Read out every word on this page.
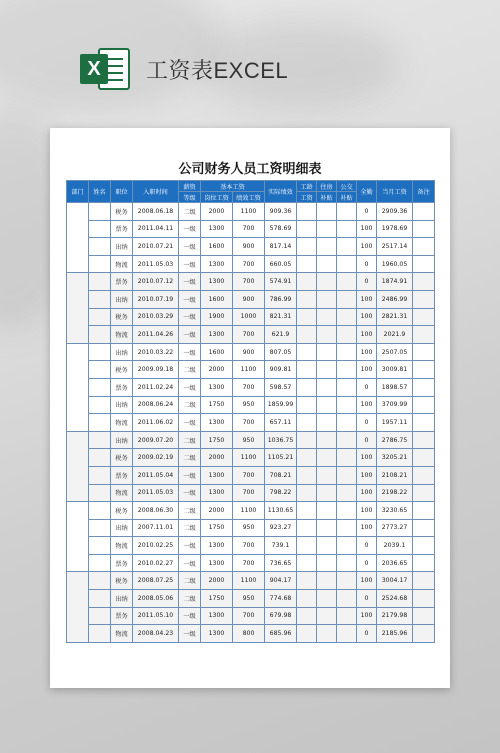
X	工资表EXCEL
公司财务人员工资明细表
部门	姓名	职位	入职时间	薪资	基本工资		实际绩效	工龄	住房	公交	全勤	当月工资	备注
				等级	岗位工资	绩效工资		工资	补贴	补贴			
		税务	2008.06.18	二级	2000	1100	909.36				0	2909.36	
		票务	2011.04.11	一级	1300	700	578.69				100	1978.69	
		出纳	2010.07.21	一级	1600	900	817.14				100	2517.14	
		物流	2011.05.03	一级	1300	700	660.05				0	1960.05	
		票务	2010.07.12	一级	1300	700	574.91				0	1874.91	
		出纳	2010.07.19	一级	1600	900	786.99				100	2486.99	
		税务	2010.03.29	一级	1900	1000	821.31				100	2821.31	
		物流	2011.04.26	一级	1300	700	621.9				100	2021.9	
		出纳	2010.03.22	一级	1600	900	807.05				100	2507.05	
		税务	2009.09.18	二级	2000	1100	909.81				100	3009.81	
		票务	2011.02.24	一级	1300	700	598.57				0	1898.57	
		出纳	2008.06.24	二级	1750	950	1859.99				100	3709.99	
		物流	2011.06.02	一级	1300	700	657.11				0	1957.11	
		出纳	2009.07.20	二级	1750	950	1036.75				0	2786.75	
		税务	2009.02.19	二级	2000	1100	1105.21				100	3205.21	
		票务	2011.05.04	一级	1300	700	708.21				100	2108.21	
		物流	2011.05.03	一级	1300	700	798.22				100	2198.22	
		税务	2008.06.30	二级	2000	1100	1130.65				100	3230.65	
		出纳	2007.11.01	二级	1750	950	923.27				100	2773.27	
		物流	2010.02.25	一级	1300	700	739.1				0	2039.1	
		票务	2010.02.27	一级	1300	700	736.65				0	2036.65	
		税务	2008.07.25	二级	2000	1100	904.17				100	3004.17	
		出纳	2008.05.06	二级	1750	950	774.68				0	2524.68	
		票务	2011.05.10	一级	1300	700	679.98				100	2179.98	
		物流	2008.04.23	一级	1300	800	685.96				0	2185.96	
